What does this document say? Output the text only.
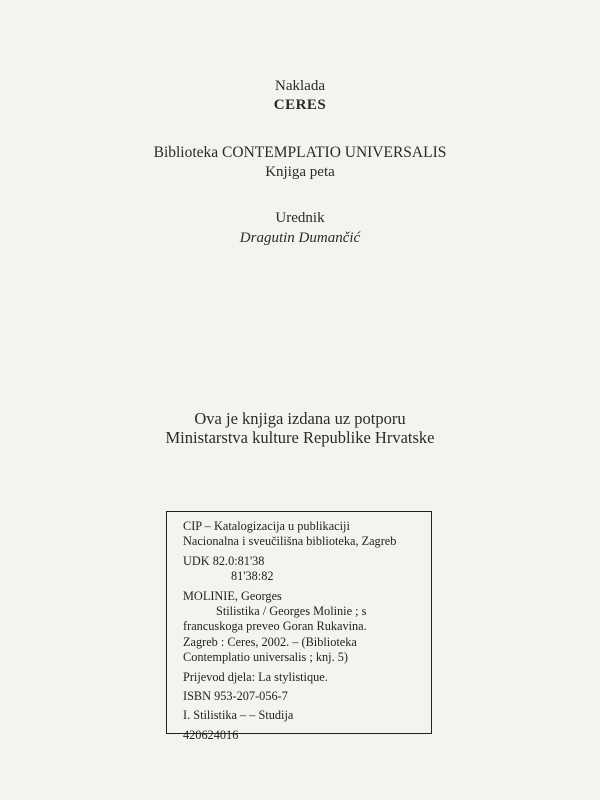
Naklada
CERES
Biblioteka CONTEMPLATIO UNIVERSALIS
Knjiga peta
Urednik
Dragutin Dumančić
Ova je knjiga izdana uz potporu
Ministarstva kulture Republike Hrvatske
CIP – Katalogizacija u publikaciji
Nacionalna i sveučilišna biblioteka, Zagreb
UDK 82.0:81'38
81'38:82
MOLINIE, Georges
Stilistika / Georges Molinie ; s
francuskoga preveo Goran Rukavina.
Zagreb : Ceres, 2002. – (Biblioteka
Contemplatio universalis ; knj. 5)
Prijevod djela: La stylistique.
ISBN 953-207-056-7
I. Stilistika – – Studija
420624016
